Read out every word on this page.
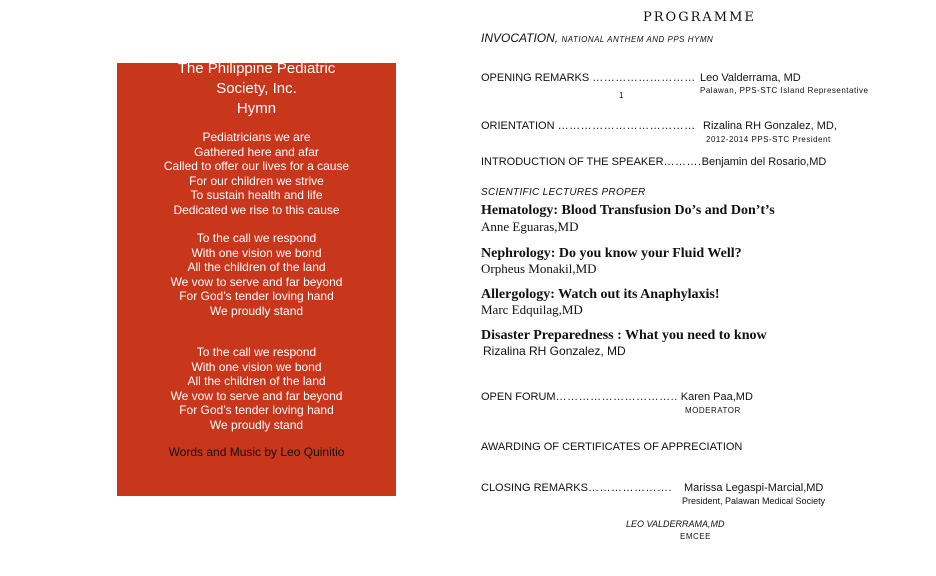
The Philippine Pediatric
Society, Inc.
Hymn
Pediatricians we are
Gathered here and afar
Called to offer our lives for a cause
For our children we strive
To sustain health and life
Dedicated we rise to this cause
To the call we respond
With one vision we bond
All the children of the land
We vow to serve and far beyond
For God’s tender loving hand
We proudly stand
To the call we respond
With one vision we bond
All the children of the land
We vow to serve and far beyond
For God’s tender loving hand
We proudly stand
Words and Music by Leo Quinitio
PROGRAMME
INVOCATION, NATIONAL ANTHEM AND PPS HYMN
OPENING REMARKS ……………………… Leo Valderrama, MD
Palawan, PPS-STC Island Representative
1
ORIENTATION ……………………………… Rizalina RH Gonzalez, MD,
2012-2014 PPS-STC President
INTRODUCTION OF THE SPEAKER……….Benjamin del Rosario,MD
SCIENTIFIC LECTURES PROPER
Hematology: Blood Transfusion Do’s and Don’t’s
Anne Eguaras,MD
Nephrology: Do you know your Fluid Well?
Orpheus Monakil,MD
Allergology: Watch out its Anaphylaxis!
Marc Edquilag,MD
Disaster Preparedness : What you need to know
Rizalina RH Gonzalez, MD
OPEN FORUM………………………….. Karen Paa,MD
MODERATOR
AWARDING OF CERTIFICATES OF APPRECIATION
CLOSING REMARKS…………………. Marissa Legaspi-Marcial,MD
President, Palawan Medical Society
LEO VALDERRAMA,MD
EMCEE
